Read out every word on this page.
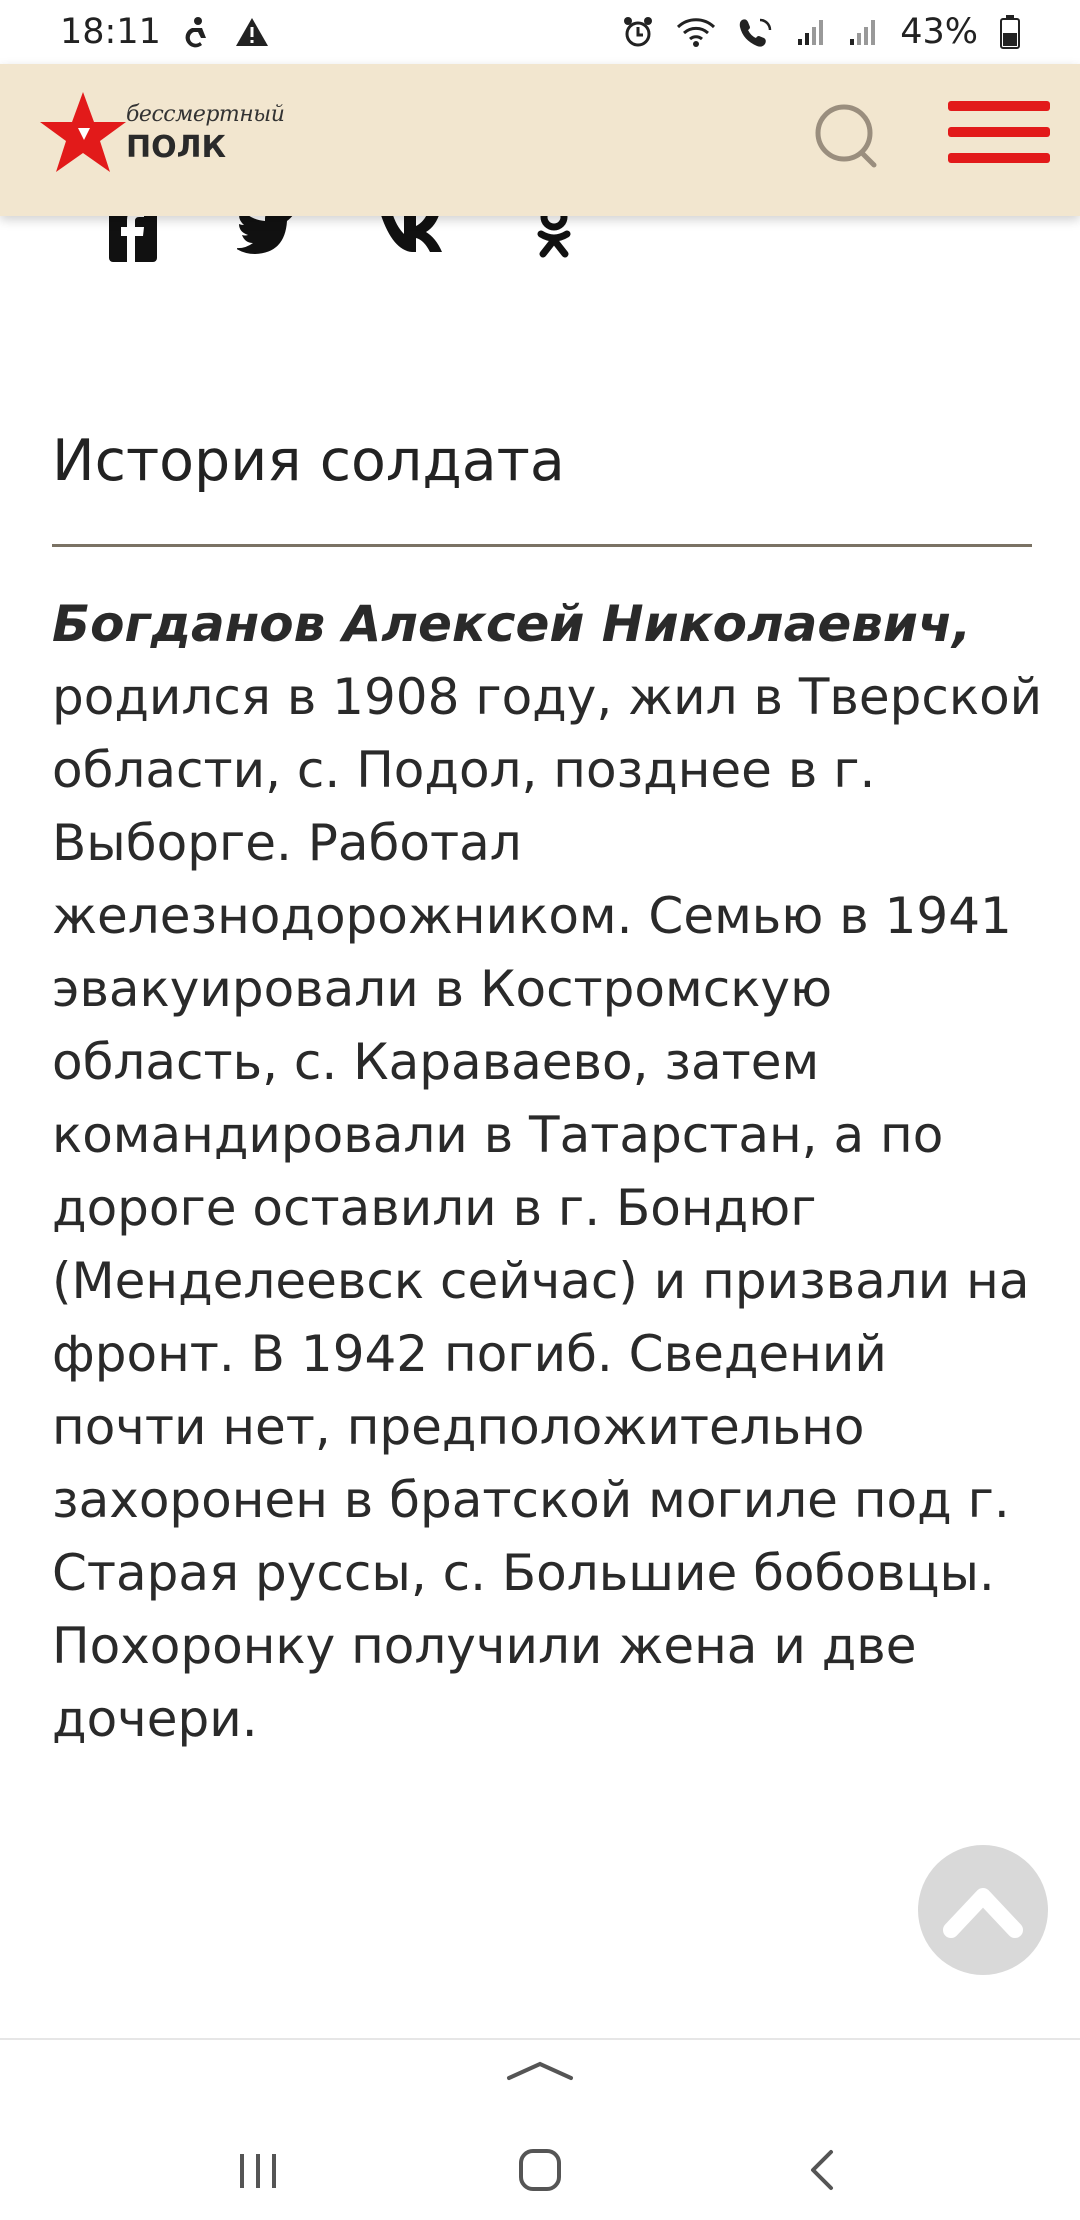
18:11	43%
бессмертный
ПОЛК
История солдата

Богданов Алексей Николаевич, родился в 1908 году, жил в Тверской области, с. Подол, позднее в г. Выборге. Работал железнодорожником. Семью в 1941 эвакуировали в Костромскую область, с. Караваево, затем командировали в Татарстан, а по дороге оставили в г. Бондюг (Менделеевск сейчас) и призвали на фронт. В 1942 погиб. Сведений почти нет, предположительно захоронен в братской могиле под г. Старая руссы, с. Большие бобовцы. Похоронку получили жена и две дочери.
